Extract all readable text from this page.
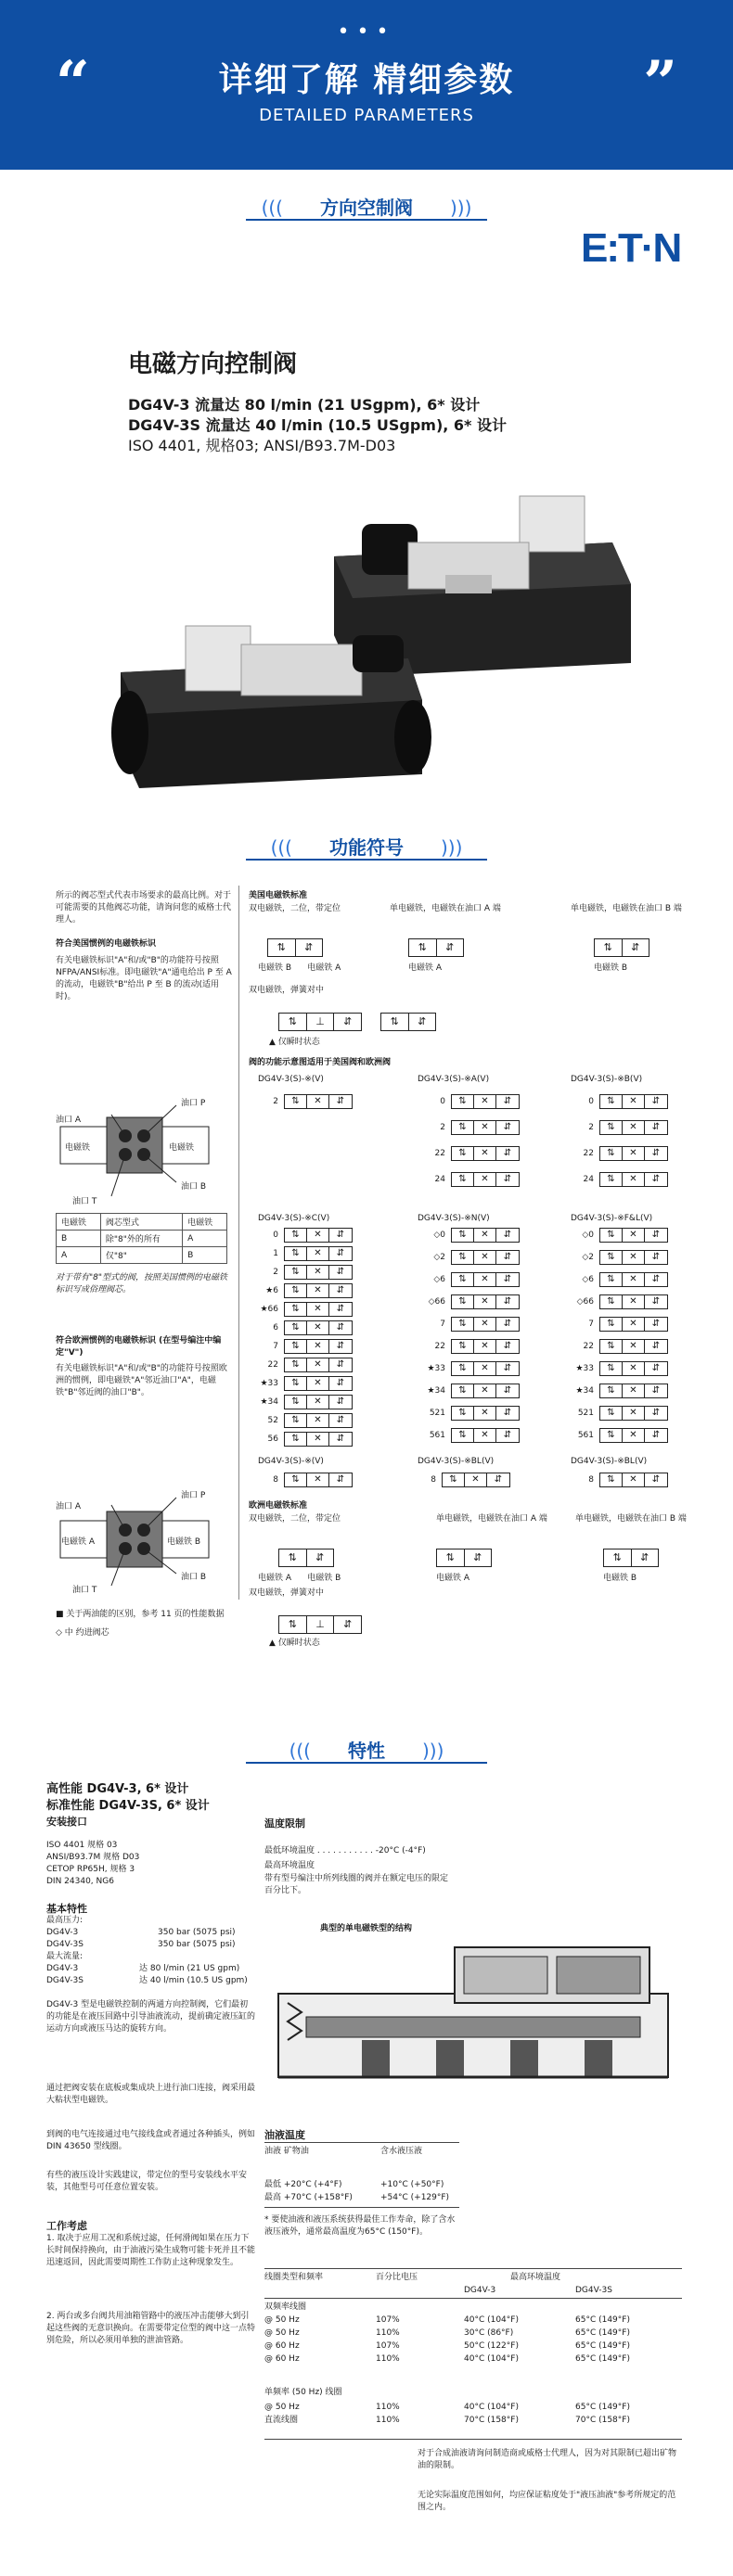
•••
“	”
详细了解 精细参数
DETAILED PARAMETERS
((( 方向空制阀 )))
E:T·N
电磁方向控制阀
DG4V-3 流量达 80 l/min (21 USgpm), 6* 设计
DG4V-3S 流量达 40 l/min (10.5 USgpm), 6* 设计
ISO 4401, 规格03; ANSI/B93.7M-D03
((( 功能符号 )))
所示的阀芯型式代表市场要求的最高比例。对于可能需要的其他阀芯功能，请询问您的威格士代理人。
符合美国惯例的电磁铁标识
有关电磁铁标识"A"和/或"B"的功能符号按照 NFPA/ANSI标准。即电磁铁"A"通电给出 P 至 A 的流动，电磁铁"B"给出 P 至 B 的流动(适用时)。
油口 A
油口 P
电磁铁	电磁铁
油口 B
油口 T
电磁铁	阀芯型式	电磁铁
B	除"8"外的所有	A
A	仅"8"	B
对于带有"8"型式的阀，按照美国惯例的电磁铁标识写成俗理阀芯。
符合欧洲惯例的电磁铁标识 (在型号编注中编定"V")
有关电磁铁标识"A"和/或"B"的功能符号按照欧洲的惯例，即电磁铁"A"邻近油口"A"，电磁铁"B"邻近阀的油口"B"。
油口 A
油口 P
电磁铁 A	电磁铁 B
油口 B
油口 T
■ 关于两油能的区别，参考 11 页的性能数据
◇ 中 约进阀芯
美国电磁铁标准
双电磁铁，二位，带定位	单电磁铁，电磁铁在油口 A 端	单电磁铁，电磁铁在油口 B 端
⇅	⇵	⇅	⇵	⇅	⇵
电磁铁 B 电磁铁 A	电磁铁 A	电磁铁 B
双电磁铁，弹簧对中
⇅	⊥	⇵	⇅	⇵
▲ 仅瞬时状态
阀的功能示意图适用于美国阀和欧洲阀
DG4V-3(S)-※(V)	DG4V-3(S)-※A(V)	DG4V-3(S)-※B(V)
DG4V-3(S)-※C(V)	DG4V-3(S)-※N(V)	DG4V-3(S)-※F&L(V)
DG4V-3(S)-※(V)	DG4V-3(S)-※BL(V)	DG4V-3(S)-※BL(V)
欧洲电磁铁标准
双电磁铁，二位，带定位	单电磁铁，电磁铁在油口 A 端	单电磁铁，电磁铁在油口 B 端
⇅	⇵	⇅	⇵	⇅	⇵
电磁铁 A 电磁铁 B	电磁铁 A	电磁铁 B
双电磁铁，弹簧对中
⇅	⊥	⇵
▲ 仅瞬时状态
((( 特性 )))
高性能 DG4V-3, 6* 设计
标准性能 DG4V-3S, 6* 设计
安装接口
ISO 4401 规格 03
ANSI/B93.7M 规格 D03
CETOP RP65H, 规格 3
DIN 24340, NG6
基本特性
最高压力:
DG4V-3	350 bar (5075 psi)
DG4V-3S	350 bar (5075 psi)
最大流量:
DG4V-3	达 80 l/min (21 US gpm)
DG4V-3S	达 40 l/min (10.5 US gpm)
DG4V-3 型是电磁铁控制的两通方向控制阀，它们最初的功能是在液压回路中引导油液流动，提前确定液压缸的运动方向或液压马达的旋转方向。
通过把阀安装在底板或集成块上进行油口连接，阀采用最大粘状型电磁铁。
到阀的电气连接通过电气接线盒或者通过各种插头，例如 DIN 43650 型线圈。
有些的液压设计实践建议，带定位的型号安装线水平安装，其他型号可任意位置安装。
工作考虑
1. 取决于应用工况和系统过滤，任何滑阀如果在压力下长时间保持换向，由于油液污染生成物可能卡死并且不能迅速返回，因此需要周期性工作防止这种现象发生。
2. 两台或多台阀共用油箱管路中的液压冲击能够大到引起这些阀的无意识换向。在需要带定位型的阀中这一点特别危险，所以必须用单独的泄油管路。
温度限制
最低环境温度 . . . . . . . . . . . -20°C (-4°F)
最高环境温度
带有型号编注中所列线圈的阀并在额定电压的限定百分比下。
典型的单电磁铁型的结构
油液温度
油液 矿物油	含水液压液
最低 +20°C (+4°F)	+10°C (+50°F)
最高 +70°C (+158°F)	+54°C (+129°F)
* 要使油液和液压系统获得最佳工作寿命，除了含水液压液外，通常最高温度为65°C (150°F)。
线圈类型和频率	百分比电压	最高环境温度
DG4V-3	DG4V-3S
双频率线圈
单频率 (50 Hz) 线圈
对于合成油液请询问制造商或威格士代理人，因为对其限制已超出矿物油的限制。
无论实际温度范围如何，均应保证粘度处于"液压油液"参考所规定的范围之内。
2	⇅	✕	⇵	0	⇅	✕	⇵
2	⇅	✕	⇵
22	⇅	✕	⇵
24	⇅	✕	⇵
0	⇅	✕	⇵
2	⇅	✕	⇵
22	⇅	✕	⇵
24	⇅	✕	⇵
0	⇅	✕	⇵
1	⇅	✕	⇵
2	⇅	✕	⇵
★6	⇅	✕	⇵
★66	⇅	✕	⇵
6	⇅	✕	⇵
7	⇅	✕	⇵
22	⇅	✕	⇵
★33	⇅	✕	⇵
★34	⇅	✕	⇵
52	⇅	✕	⇵
56	⇅	✕	⇵
◇0	⇅	✕	⇵
◇2	⇅	✕	⇵
◇6	⇅	✕	⇵
◇66	⇅	✕	⇵
7	⇅	✕	⇵
22	⇅	✕	⇵
★33	⇅	✕	⇵
★34	⇅	✕	⇵
521	⇅	✕	⇵
561	⇅	✕	⇵
◇0	⇅	✕	⇵
◇2	⇅	✕	⇵
◇6	⇅	✕	⇵
◇66	⇅	✕	⇵
7	⇅	✕	⇵
22	⇅	✕	⇵
★33	⇅	✕	⇵
★34	⇅	✕	⇵
521	⇅	✕	⇵
561	⇅	✕	⇵
8	⇅	✕	⇵	8	⇅	✕	⇵	8	⇅	✕	⇵
@ 50 Hz	107%	40°C (104°F)	65°C (149°F)
@ 50 Hz	110%	30°C (86°F)	65°C (149°F)
@ 60 Hz	107%	50°C (122°F)	65°C (149°F)
@ 60 Hz	110%	40°C (104°F)	65°C (149°F)
@ 50 Hz	110%	40°C (104°F)	65°C (149°F)
直流线圈	110%	70°C (158°F)	70°C (158°F)
